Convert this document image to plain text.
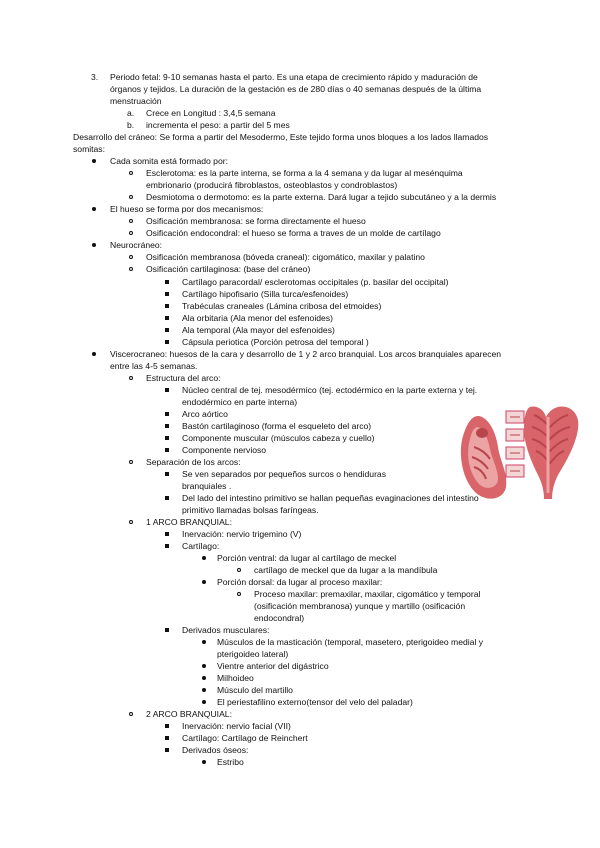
3. Periodo fetal: 9-10 semanas hasta el parto. Es una etapa de crecimiento rápido y maduración de
órganos y tejidos. La duración de la gestación es de 280 días o 40 semanas después de la última
menstruación
a. Crece en Longitud : 3,4,5 semana
b. incrementa el peso: a partir del 5 mes
Desarrollo del cráneo: Se forma a partir del Mesodermo, Este tejido forma unos bloques a los lados llamados
somitas:
Cada somita está formado por:
Esclerotoma: es la parte interna, se forma a la 4 semana y da lugar al mesénquima
embrionario (producirá fibroblastos, osteoblastos y condroblastos)
Desmiotoma o dermotomo: es la parte externa. Dará lugar a tejido subcutáneo y a la dermis
El hueso se forma por dos mecanismos:
Osificación membranosa: se forma directamente el hueso
Osificación endocondral: el hueso se forma a traves de un molde de cartílago
Neurocráneo:
Osificación membranosa (bóveda craneal): cigomático, maxilar y palatino
Osificación cartilaginosa: (base del cráneo)
Cartílago paracordal/ esclerotomas occipitales (p. basilar del occipital)
Cartílago hipofisario (Silla turca/esfenoides)
Trabéculas craneales (Lámina cribosa del etmoides)
Ala orbitaria (Ala menor del esfenoides)
Ala temporal (Ala mayor del esfenoides)
Cápsula periotica (Porción petrosa del temporal )
Viscerocraneo: huesos de la cara y desarrollo de 1 y 2 arco branquial. Los arcos branquiales aparecen
entre las 4-5 semanas.
Estructura del arco:
Núcleo central de tej. mesodérmico (tej. ectodérmico en la parte externa y tej.
endodérmico en parte interna)
Arco aórtico
Bastón cartilaginoso (forma el esqueleto del arco)
Componente muscular (músculos cabeza y cuello)
Componente nervioso
Separación de los arcos:
Se ven separados por pequeños surcos o hendiduras
branquiales .
Del lado del intestino primitivo se hallan pequeñas evaginaciones del intestino
primitivo llamadas bolsas faríngeas.
1 ARCO BRANQUIAL:
Inervación: nervio trigemino (V)
Cartílago:
Porción ventral: da lugar al cartílago de meckel
cartílago de meckel que da lugar a la mandíbula
Porción dorsal: da lugar al proceso maxilar:
Proceso maxilar: premaxilar, maxilar, cigomático y temporal
(osificación membranosa) yunque y martillo (osificación
endocondral)
Derivados musculares:
Músculos de la masticación (temporal, masetero, pterigoideo medial y
pterigoideo lateral)
Vientre anterior del digástrico
Milhoideo
Músculo del martillo
El periestafilino externo(tensor del velo del paladar)
2 ARCO BRANQUIAL:
Inervación: nervio facial (VII)
Cartílago: Cartílago de Reinchert
Derivados óseos:
Estribo
